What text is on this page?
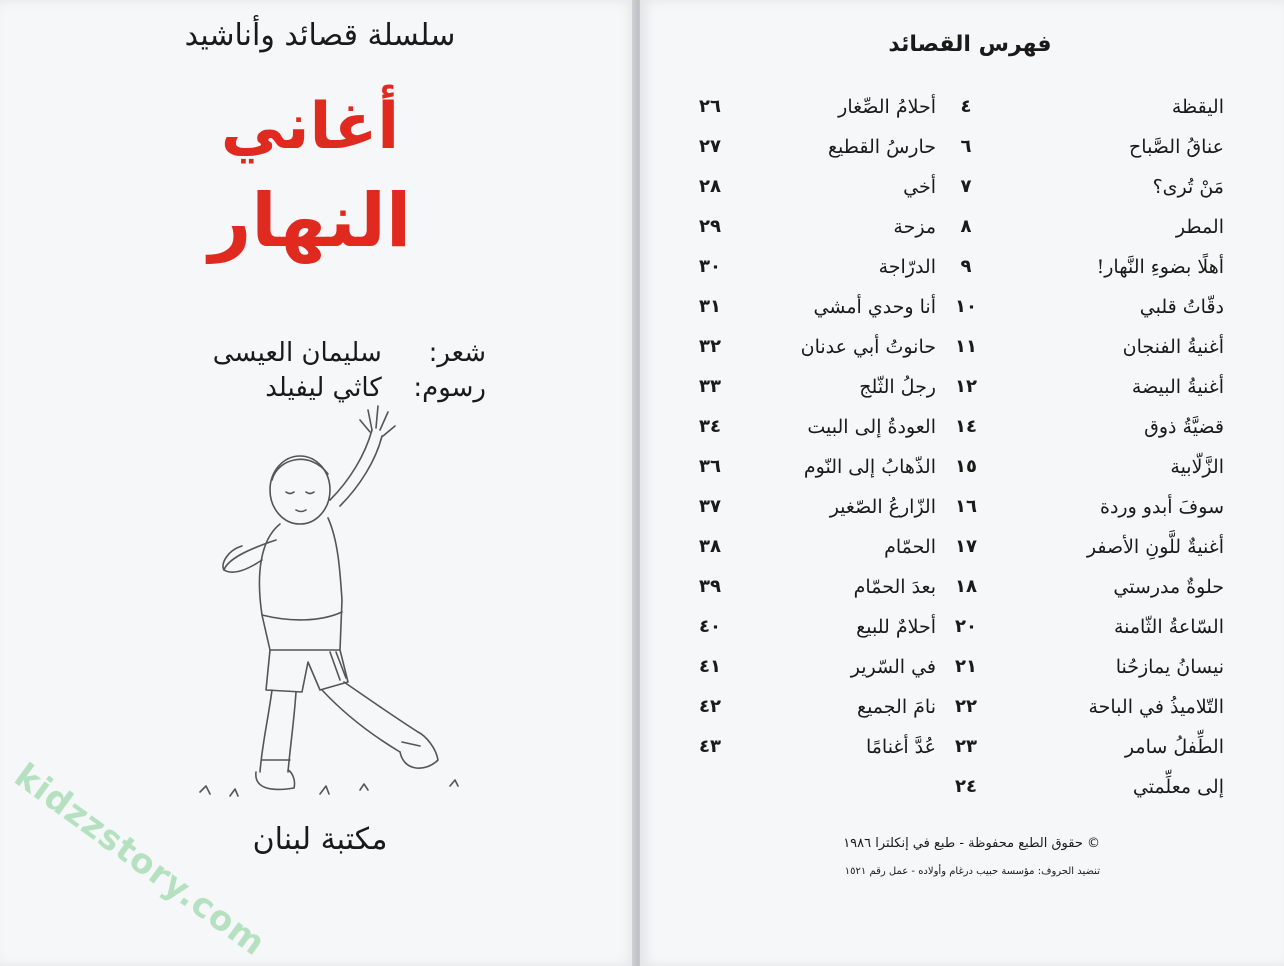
سلسلة قصائد وأناشيد
أغاني
النهار
شعر: سليمان العيسى
رسوم: كاثي ليفيلد
مكتبة لبنان
kidzzstory.com
فهرس القصائد
اليقظة
٤
عناقُ الصَّباح
٦
مَنْ تُرى؟
٧
المطر
٨
أهلًا بضوءِ النَّهار!
٩
دقّاتُ قلبي
١٠
أغنيةُ الفنجان
١١
أغنيةُ البيضة
١٢
قضيَّةُ ذوق
١٤
الزَّلّابية
١٥
سوفَ أبدو وردة
١٦
أغنيةٌ للَّونِ الأصفر
١٧
حلوةٌ مدرستي
١٨
السّاعةُ الثّامنة
٢٠
نيسانُ يمازحُنا
٢١
التّلاميذُ في الباحة
٢٢
الطِّفلُ سامر
٢٣
إلى معلِّمتي
٢٤
أحلامُ الصِّغار
٢٦
حارسُ القطيع
٢٧
أخي
٢٨
مزحة
٢٩
الدرّاجة
٣٠
أنا وحدي أمشي
٣١
حانوتُ أبي عدنان
٣٢
رجلُ الثّلج
٣٣
العودةُ إلى البيت
٣٤
الذّهابُ إلى النّوم
٣٦
الزّارعُ الصّغير
٣٧
الحمّام
٣٨
بعدَ الحمّام
٣٩
أحلامٌ للبيع
٤٠
في السّرير
٤١
نامَ الجميع
٤٢
عُدَّ أغنامًا
٤٣
© حقوق الطبع محفوظة - طبع في إنكلترا ١٩٨٦
تنضيد الحروف: مؤسسة حبيب درغام وأولاده - عمل رقم ١٥٢١
